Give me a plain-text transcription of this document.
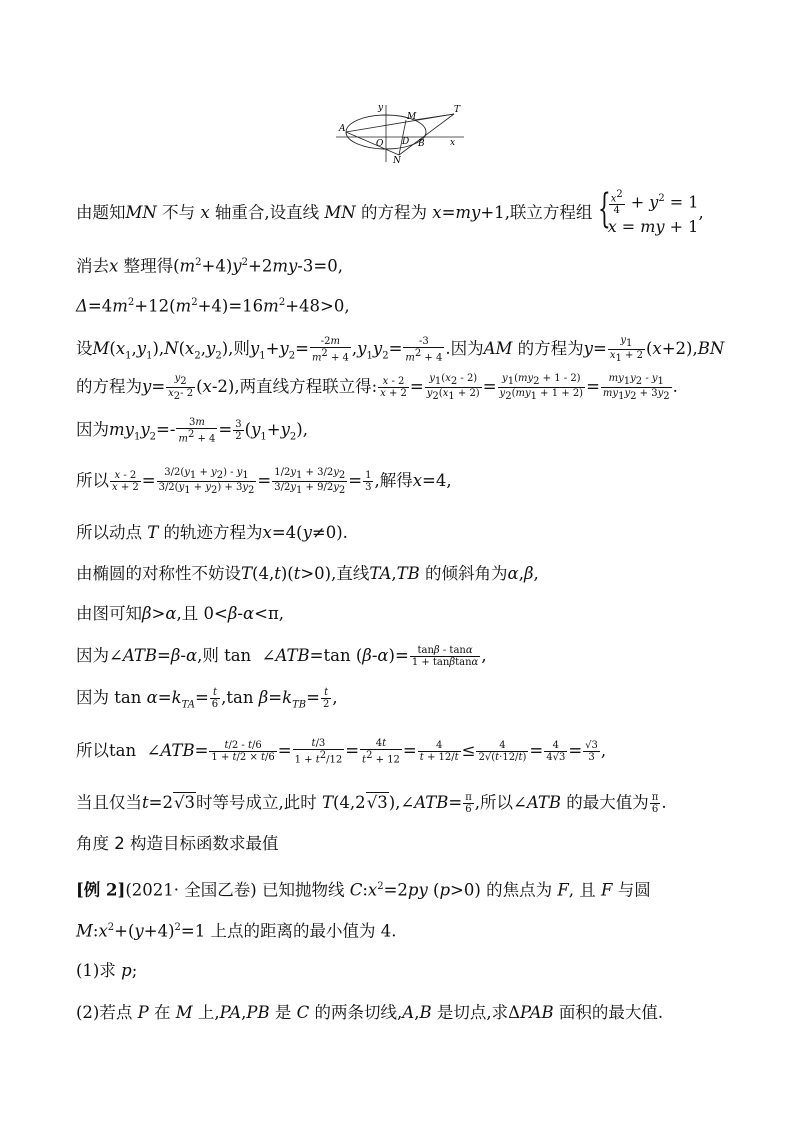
A
O
y
M
T
D B	x
N
由题知MN 不与 x 轴重合,设直线 MN 的方程为 x=my+1,联立方程组 {
$\frac{x^2}{4} + y^2 = 1$
x = my + 1
,
消去x 整理得$(m^2+4)y^2+2my-3=0$,
$\Delta=4m^2+12(m^2+4)=16m^2+48>0$,
设$M(x_1,y_1),N(x_2,y_2)$,则$y_1+y_2= \frac{-2m}{m^2 + 4} ,y_1y_2= \frac{-3}{m^2 + 4}$ .因为AM 的方程为$y= \frac{y_1}{x_1 + 2} (x+2),BN$
的方程为$y= \frac{y_2}{x_2- 2} (x-2)$,两直线方程联立得: $\frac{x - 2}{x + 2} = \frac{y_1(x_2 - 2)}{y_2(x_1 + 2)} = \frac{y_1(my_2 + 1 - 2)}{y_2(my_1 + 1 + 2)} = \frac{my_1y_2 - y_1}{my_1y_2 + 3y_2}$ .
因为$my_1y_2=- \frac{3m}{m^2 + 4} = \frac{3}{2} (y_1+y_2)$,
所以 $\frac{x - 2}{x + 2} = \frac{3/2(y_1 + y_2) - y_1}{3/2(y_1 + y_2) + 3y_2} = \frac{1/2y_1 + 3/2y_2}{3/2y_1 + 9/2y_2} = \frac{1}{3}$ ,解得x=4,
所以动点 T 的轨迹方程为x=4(y≠0).
由椭圆的对称性不妨设T(4,t)(t>0),直线TA,TB 的倾斜角为α,β,
由图可知β>α,且 0<β-α<π,
因为∠ATB=β-α,则 tan  ∠ATB=tan $(\beta-\alpha)= \frac{\tan\beta - \tan\alpha}{1 + \tan\beta\tan\alpha}$ ,
因为 $\tan \alpha=k_{TA}= \frac{t}{6} ,\tan$ $\beta=k_{TB}= \frac{t}{2}$ ,
所以tan  ∠ATB= $\frac{t/2 - t/6}{1 + t/2 \times t/6} = \frac{t/3}{1 + t^2/12} = \frac{4t}{t^2 + 12} = \frac{4}{t + 12/t} \le \frac{4}{2√(t\cdot 12/t)} = \frac{4}{4√3} = \frac{√3}{3}$ ,
当且仅当t=2√3时等号成立,此时 T(4,2√3),∠ATB= $\frac{\pi}{6}$ ,所以∠ATB 的最大值为 $\frac{\pi}{6}$ .
角度 2 构造目标函数求最值
[例 2](2021· 全国乙卷) 已知抛物线 $C:x^2=2py$ (p>0) 的焦点为 F, 且 F 与圆
$M:x^2+(y+4)^2=1$ 上点的距离的最小值为 4.
(1)求 p;
(2)若点 P 在 M 上,PA,PB 是 C 的两条切线,A,B 是切点,求ΔPAB 面积的最大值.
